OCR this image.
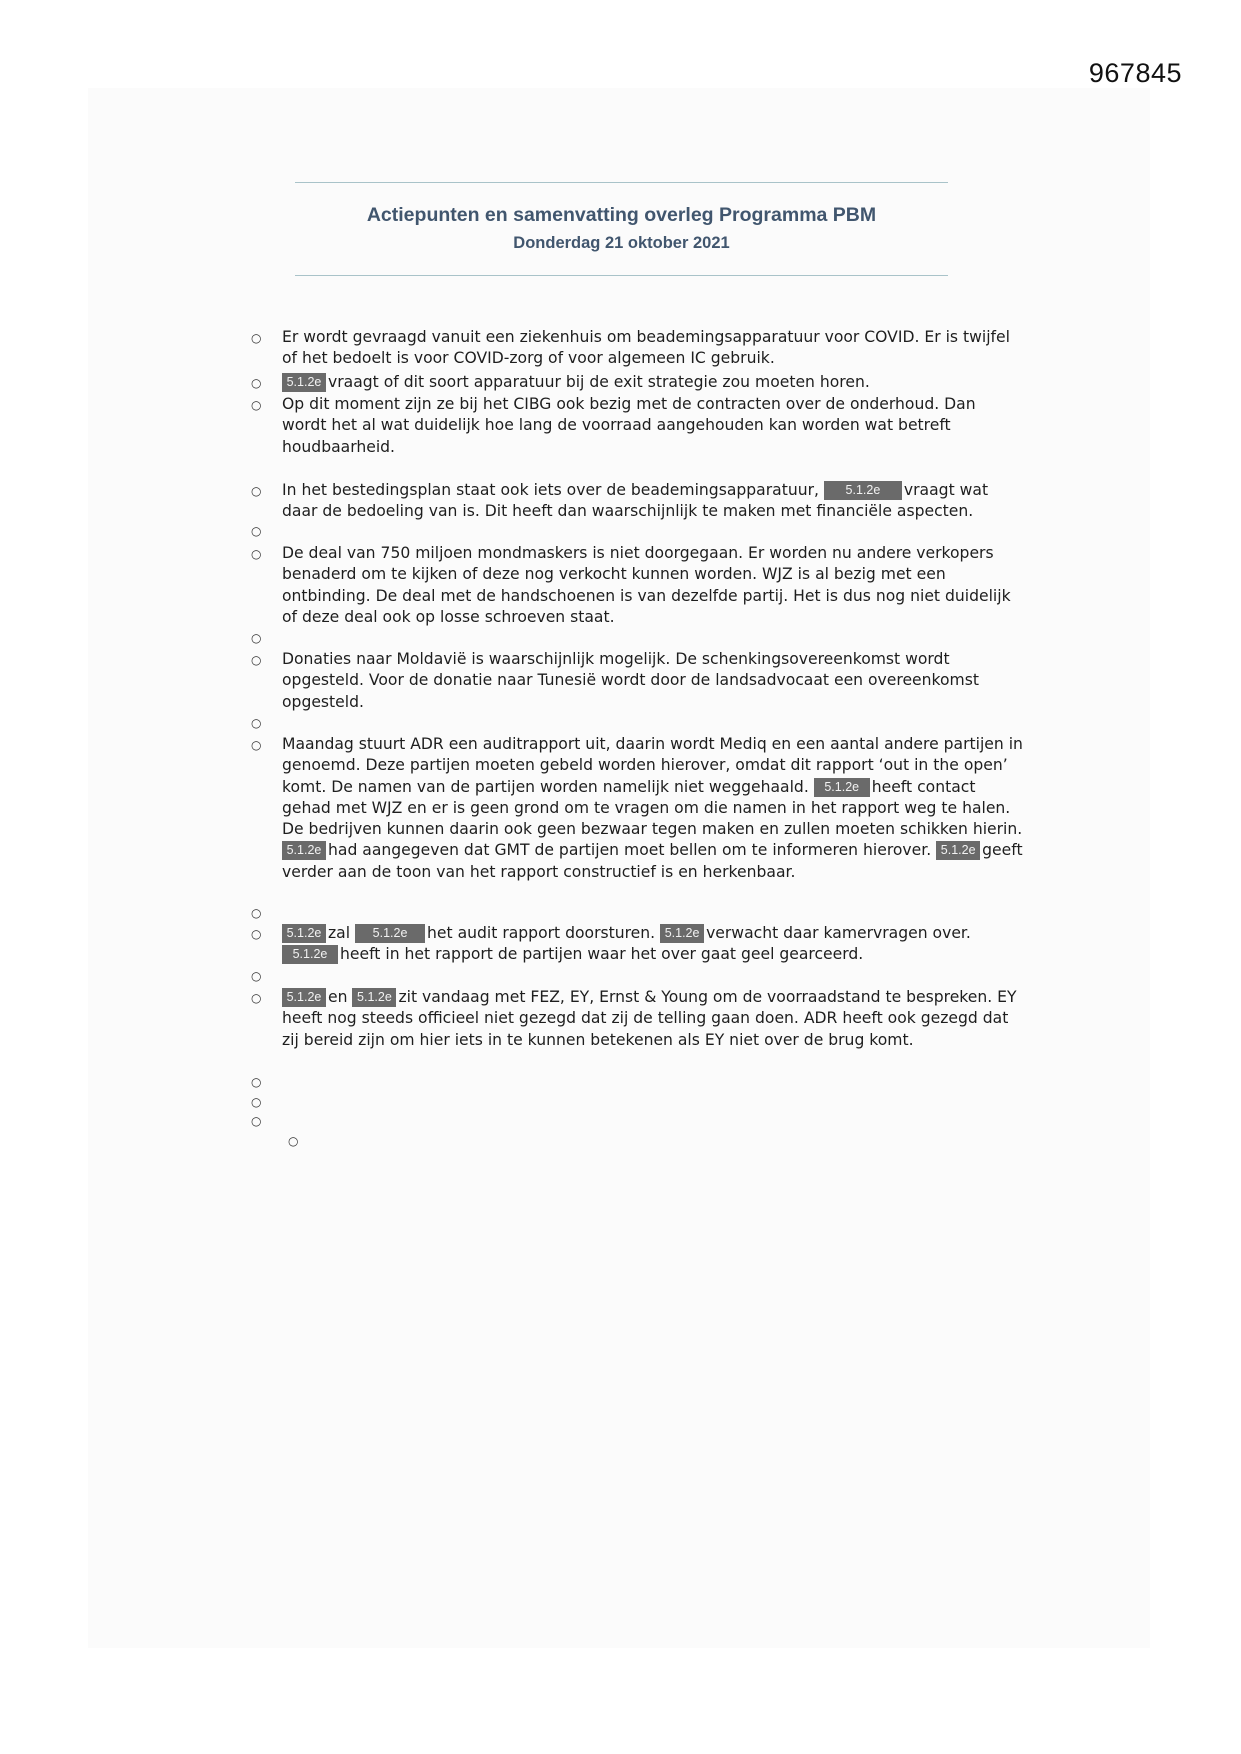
967845
Actiepunten en samenvatting overleg Programma PBM
Donderdag 21 oktober 2021
○
○
○
○
○
○
○
○
○
○
○
○
○
○
○
○
○
○
Er wordt gevraagd vanuit een ziekenhuis om beademingsapparatuur voor COVID. Er is twijfel of het bedoelt is voor COVID-zorg of voor algemeen IC gebruik.
5.1.2e vraagt of dit soort apparatuur bij de exit strategie zou moeten horen.
Op dit moment zijn ze bij het CIBG ook bezig met de contracten over de onderhoud. Dan wordt het al wat duidelijk hoe lang de voorraad aangehouden kan worden wat betreft houdbaarheid.
In het bestedingsplan staat ook iets over de beademingsapparatuur, 5.1.2e vraagt wat daar de bedoeling van is. Dit heeft dan waarschijnlijk te maken met financiële aspecten.
De deal van 750 miljoen mondmaskers is niet doorgegaan. Er worden nu andere verkopers benaderd om te kijken of deze nog verkocht kunnen worden. WJZ is al bezig met een ontbinding. De deal met de handschoenen is van dezelfde partij. Het is dus nog niet duidelijk of deze deal ook op losse schroeven staat.
Donaties naar Moldavië is waarschijnlijk mogelijk. De schenkingsovereenkomst wordt opgesteld. Voor de donatie naar Tunesië wordt door de landsadvocaat een overeenkomst opgesteld.
Maandag stuurt ADR een auditrapport uit, daarin wordt Mediq en een aantal andere partijen in genoemd. Deze partijen moeten gebeld worden hierover, omdat dit rapport ‘out in the open’ komt. De namen van de partijen worden namelijk niet weggehaald. 5.1.2e heeft contact gehad met WJZ en er is geen grond om te vragen om die namen in het rapport weg te halen. De bedrijven kunnen daarin ook geen bezwaar tegen maken en zullen moeten schikken hierin.5.1.2e had aangegeven dat GMT de partijen moet bellen om te informeren hierover. 5.1.2e geeft verder aan de toon van het rapport constructief is en herkenbaar.
5.1.2e zal 5.1.2e het audit rapport doorsturen. 5.1.2e verwacht daar kamervragen over.
5.1.2e heeft in het rapport de partijen waar het over gaat geel gearceerd.
5.1.2e en 5.1.2e zit vandaag met FEZ, EY, Ernst & Young om de voorraadstand te bespreken. EY heeft nog steeds officieel niet gezegd dat zij de telling gaan doen. ADR heeft ook gezegd dat zij bereid zijn om hier iets in te kunnen betekenen als EY niet over de brug komt.
